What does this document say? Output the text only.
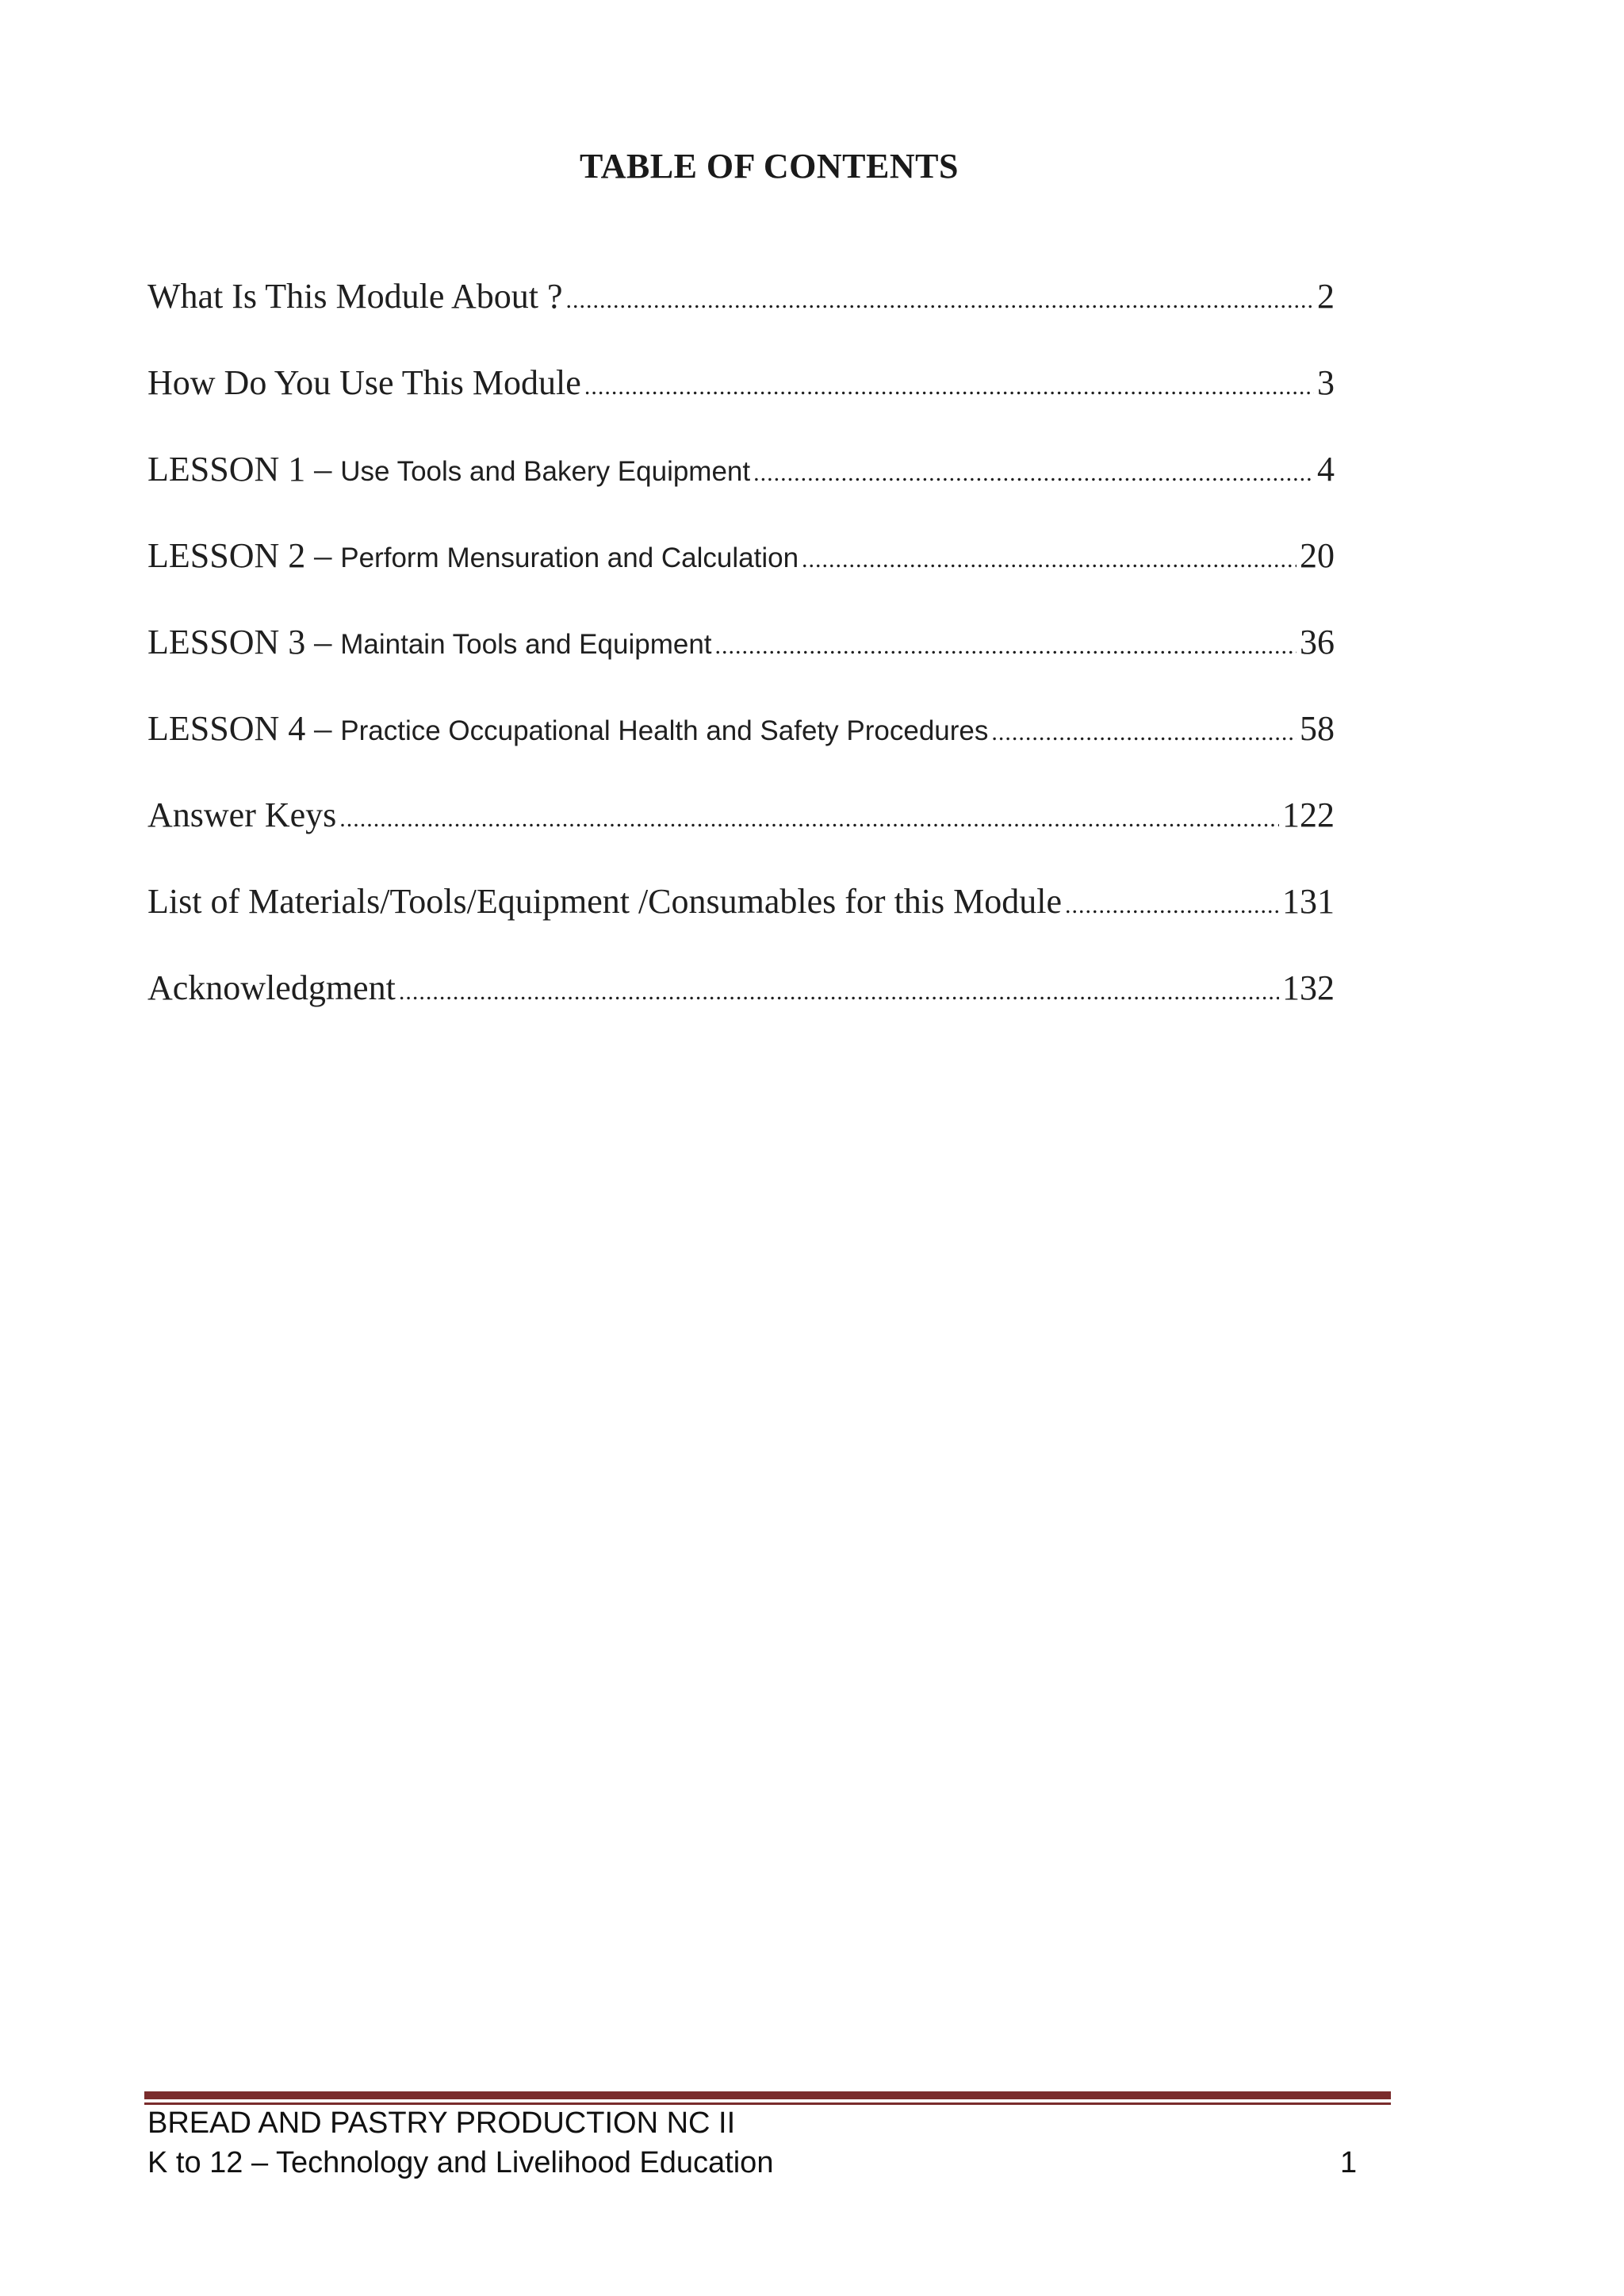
TABLE OF CONTENTS
What Is This Module About ? .....	2
How Do You Use This Module .....	3
LESSON 1 – Use Tools and Bakery Equipment .....	4
LESSON 2 – Perform Mensuration and Calculation .....	20
LESSON 3 – Maintain Tools and Equipment .....	36
LESSON 4 – Practice Occupational Health and Safety Procedures .....	58
Answer Keys .....	122
List of Materials/Tools/Equipment /Consumables for this Module .....	131
Acknowledgment .....	132
BREAD AND PASTRY PRODUCTION NC II
K to 12 – Technology and Livelihood Education	1
